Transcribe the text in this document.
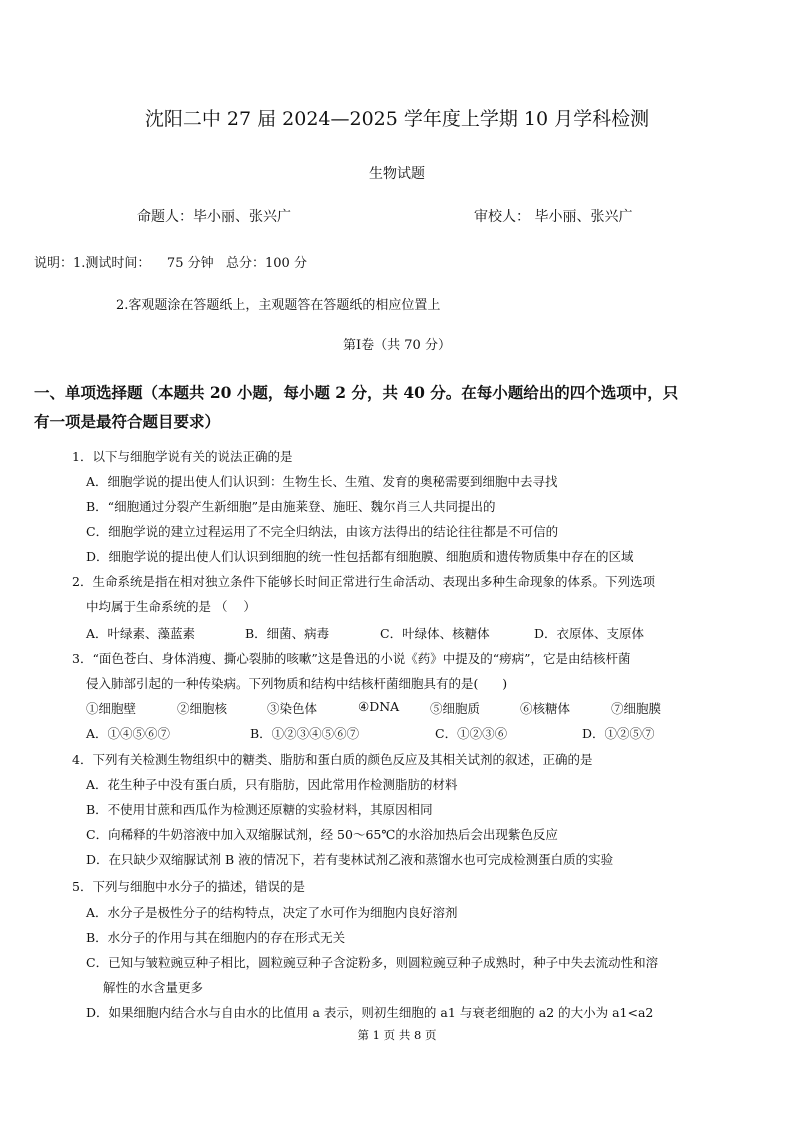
沈阳二中 27 届 2024—2025 学年度上学期 10 月学科检测
生物试题
命题人：毕小丽、张兴广	审校人： 毕小丽、张兴广
说明：1.测试时间：    75 分钟   总分：100 分
2.客观题涂在答题纸上，主观题答在答题纸的相应位置上
第Ⅰ卷（共 70 分）
一、单项选择题（本题共 20 小题，每小题 2 分，共 40 分。在每小题给出的四个选项中，只
有一项是最符合题目要求）
1．以下与细胞学说有关的说法正确的是
A．细胞学说的提出使人们认识到：生物生长、生殖、发育的奥秘需要到细胞中去寻找
B．“细胞通过分裂产生新细胞”是由施莱登、施旺、魏尔肖三人共同提出的
C．细胞学说的建立过程运用了不完全归纳法，由该方法得出的结论往往都是不可信的
D．细胞学说的提出使人们认识到细胞的统一性包括都有细胞膜、细胞质和遗传物质集中存在的区域
2．生命系统是指在相对独立条件下能够长时间正常进行生命活动、表现出多种生命现象的体系。下列选项
中均属于生命系统的是 （    ）
A．叶绿素、藻蓝素	B．细菌、病毒	C．叶绿体、核糖体	D．衣原体、支原体
3．“面色苍白、身体消瘦、撕心裂肺的咳嗽”这是鲁迅的小说《药》中提及的“痨病”，它是由结核杆菌
侵入肺部引起的一种传染病。下列物质和结构中结核杆菌细胞具有的是(      )
①细胞壁	②细胞核	③染色体	④DNA ⑤细胞质	⑥核糖体	⑦细胞膜
A．①④⑤⑥⑦	B．①②③④⑤⑥⑦	C．①②③⑥	D．①②⑤⑦
4．下列有关检测生物组织中的糖类、脂肪和蛋白质的颜色反应及其相关试剂的叙述，正确的是
A．花生种子中没有蛋白质，只有脂肪，因此常用作检测脂肪的材料
B．不使用甘蔗和西瓜作为检测还原糖的实验材料，其原因相同
C．向稀释的牛奶溶液中加入双缩脲试剂，经 50～65℃的水浴加热后会出现紫色反应
D．在只缺少双缩脲试剂 B 液的情况下，若有斐林试剂乙液和蒸馏水也可完成检测蛋白质的实验
5．下列与细胞中水分子的描述，错误的是
A．水分子是极性分子的结构特点，决定了水可作为细胞内良好溶剂
B．水分子的作用与其在细胞内的存在形式无关
C．已知与皱粒豌豆种子相比，圆粒豌豆种子含淀粉多，则圆粒豌豆种子成熟时，种子中失去流动性和溶
解性的水含量更多
D．如果细胞内结合水与自由水的比值用 a 表示，则初生细胞的 a1 与衰老细胞的 a2 的大小为 a1<a2
第 1 页 共 8 页
